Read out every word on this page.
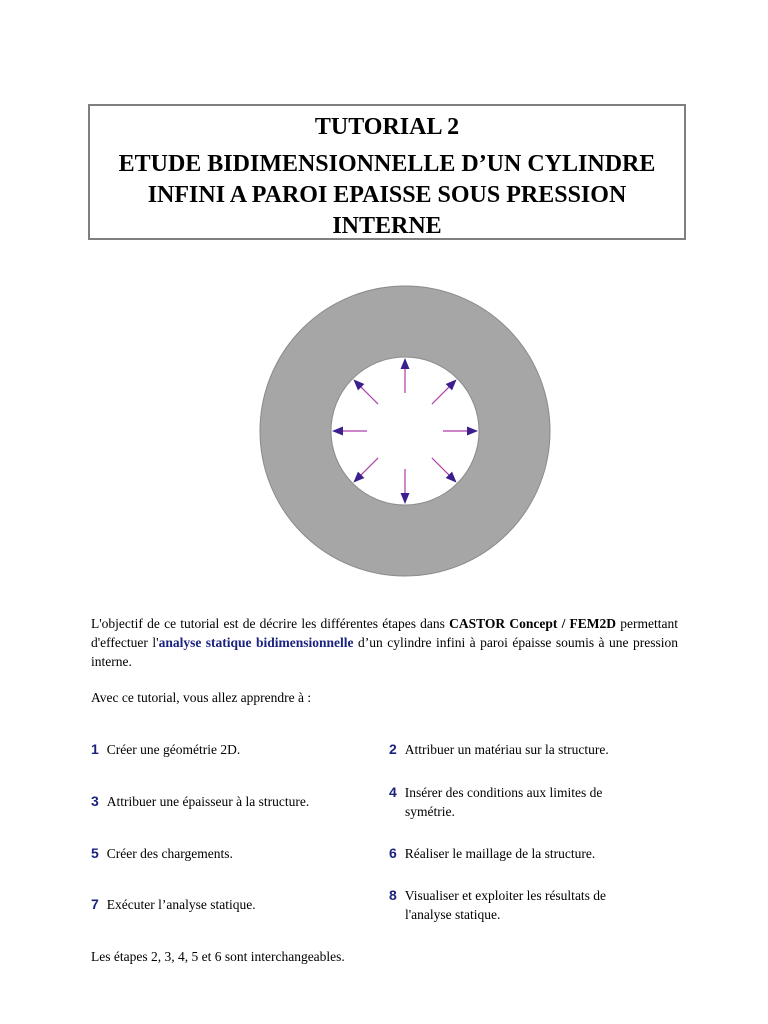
TUTORIAL 2
ETUDE BIDIMENSIONNELLE D’UN CYLINDRE INFINI A PAROI EPAISSE SOUS PRESSION INTERNE
L'objectif de ce tutorial est de décrire les différentes étapes dans CASTOR Concept / FEM2D permettant d'effectuer l'analyse statique bidimensionnelle d’un cylindre infini à paroi épaisse soumis à une pression interne.
Avec ce tutorial, vous allez apprendre à :
1 Créer une géométrie 2D.	2 Attribuer un matériau sur la structure.
3 Attribuer une épaisseur à la structure.
4 Insérer des conditions aux limites de
symétrie.
5 Créer des chargements.	6 Réaliser le maillage de la structure.
7 Exécuter l’analyse statique.
8 Visualiser et exploiter les résultats de
l'analyse statique.
Les étapes 2, 3, 4, 5 et 6 sont interchangeables.
